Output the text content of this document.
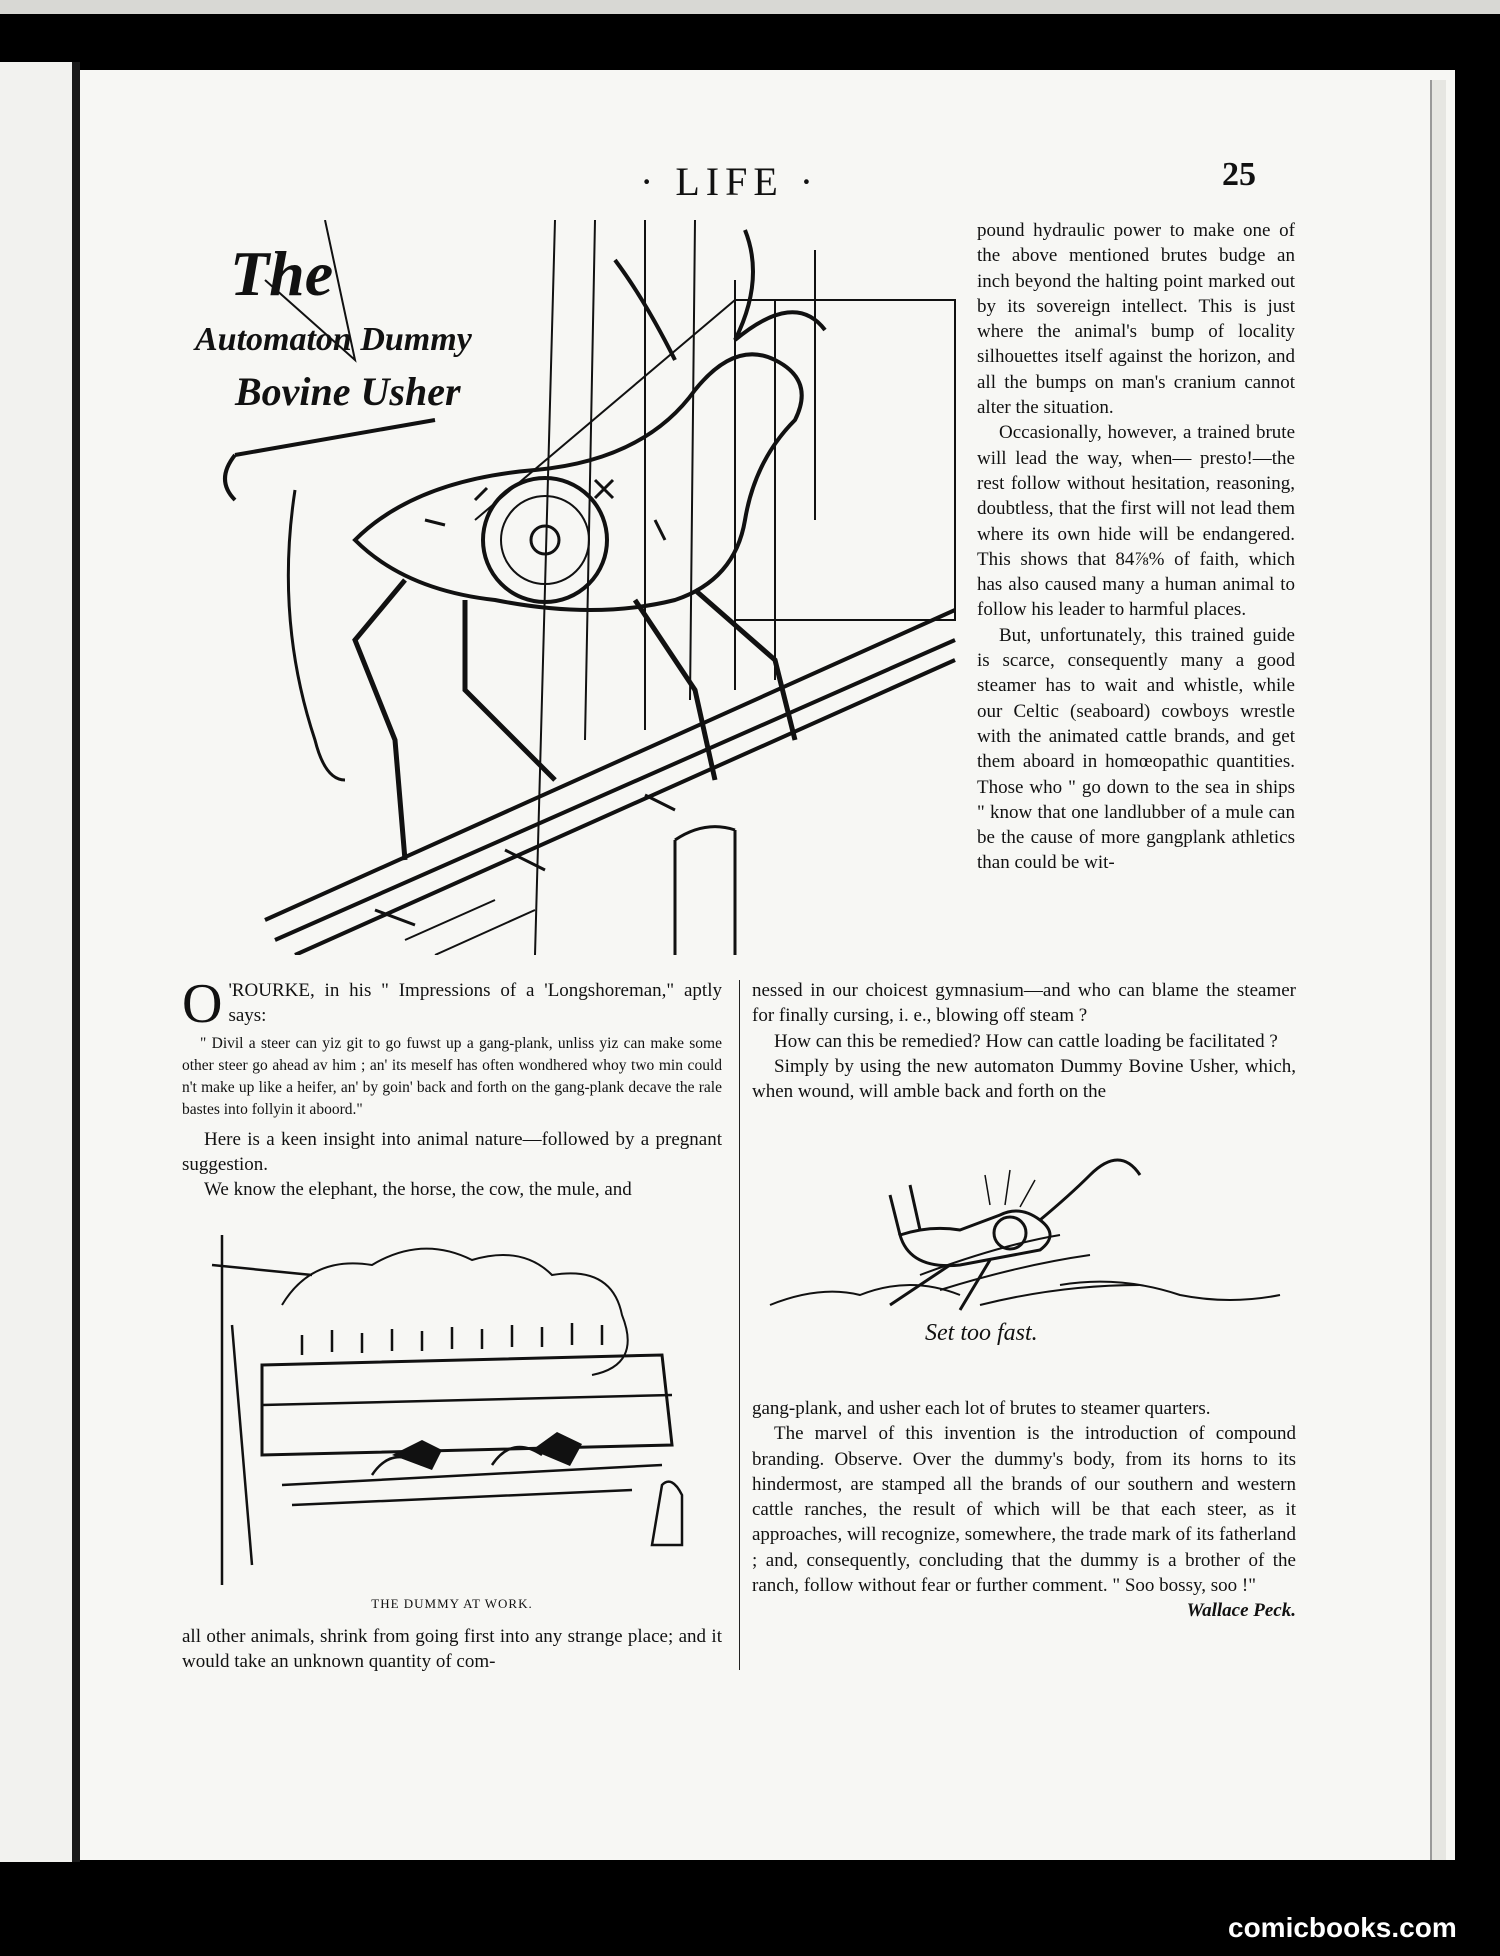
· LIFE ·	25
The
Automaton Dummy
Bovine Usher

pound hydraulic power to make one of the above mentioned brutes budge an inch beyond the halting point marked out by its sovereign intellect. This is just where the animal's bump of locality silhouettes itself against the horizon, and all the bumps on man's cranium cannot alter the situation.

Occasionally, however, a trained brute will lead the way, when— presto!—the rest follow without hesitation, reasoning, doubtless, that the first will not lead them where its own hide will be endangered. This shows that 84⅞% of faith, which has also caused many a human animal to follow his leader to harmful places.

But, unfortunately, this trained guide is scarce, consequently many a good steamer has to wait and whistle, while our Celtic (seaboard) cowboys wrestle with the animated cattle brands, and get them aboard in homœopathic quantities. Those who " go down to the sea in ships " know that one landlubber of a mule can be the cause of more gangplank athletics than could be wit-

O 'ROURKE, in his " Impressions of a 'Longshoreman," aptly says:

" Divil a steer can yiz git to go fuwst up a gang-plank, unliss yiz can make some other steer go ahead av him ; an' its meself has often wondhered whoy two min could n't make up like a heifer, an' by goin' back and forth on the gang-plank decave the rale bastes into follyin it aboord."

Here is a keen insight into animal nature—followed by a pregnant suggestion.

We know the elephant, the horse, the cow, the mule, and

THE DUMMY AT WORK.

all other animals, shrink from going first into any strange place; and it would take an unknown quantity of com-

nessed in our choicest gymnasium—and who can blame the steamer for finally cursing, i. e., blowing off steam ?

How can this be remedied? How can cattle loading be facilitated ?

Simply by using the new automaton Dummy Bovine Usher, which, when wound, will amble back and forth on the

Set too fast.

gang-plank, and usher each lot of brutes to steamer quarters.

The marvel of this invention is the introduction of compound branding. Observe. Over the dummy's body, from its horns to its hindermost, are stamped all the brands of our southern and western cattle ranches, the result of which will be that each steer, as it approaches, will recognize, somewhere, the trade mark of its fatherland ; and, consequently, concluding that the dummy is a brother of the ranch, follow without fear or further comment. " Soo bossy, soo !"

Wallace Peck.

comicbooks.com
